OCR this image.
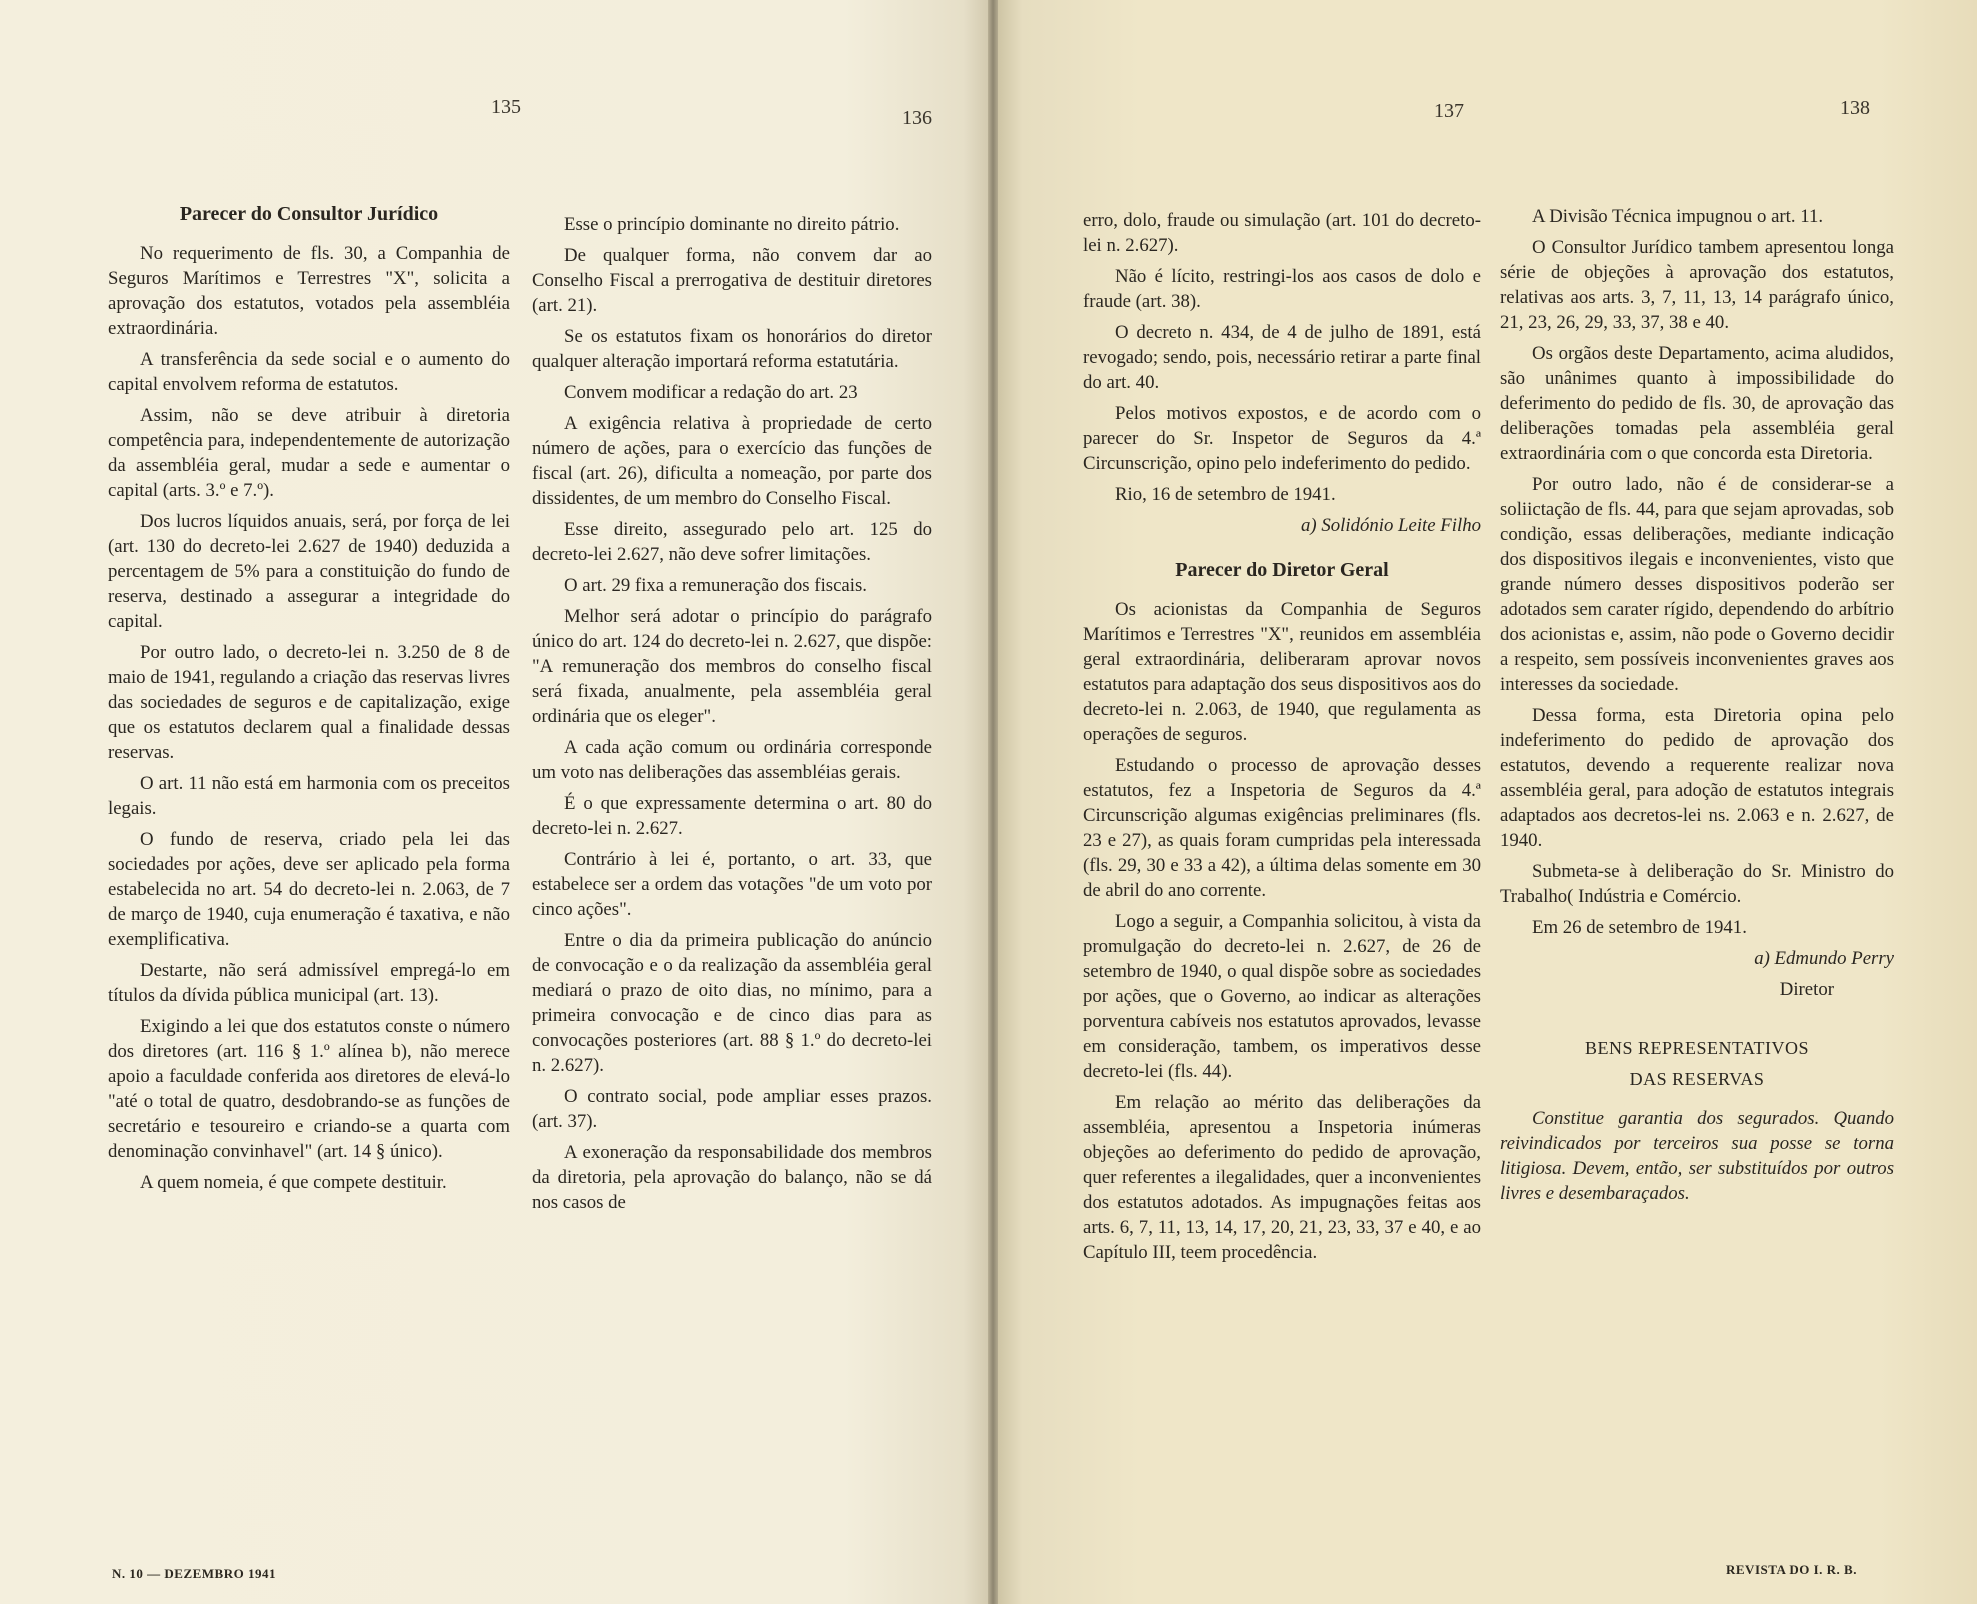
135	136	137	138
Parecer do Consultor Jurídico

No requerimento de fls. 30, a Companhia de Seguros Marítimos e Terrestres "X", solicita a aprovação dos estatutos, votados pela assembléia extraordinária.

A transferência da sede social e o aumento do capital envolvem reforma de estatutos.

Assim, não se deve atribuir à diretoria competência para, independentemente de autorização da assembléia geral, mudar a sede e aumentar o capital (arts. 3.º e 7.º).

Dos lucros líquidos anuais, será, por força de lei (art. 130 do decreto-lei 2.627 de 1940) deduzida a percentagem de 5% para a constituição do fundo de reserva, destinado a assegurar a integridade do capital.

Por outro lado, o decreto-lei n. 3.250 de 8 de maio de 1941, regulando a criação das reservas livres das sociedades de seguros e de capitalização, exige que os estatutos declarem qual a finalidade dessas reservas.

O art. 11 não está em harmonia com os preceitos legais.

O fundo de reserva, criado pela lei das sociedades por ações, deve ser aplicado pela forma estabelecida no art. 54 do decreto-lei n. 2.063, de 7 de março de 1940, cuja enumeração é taxativa, e não exemplificativa.

Destarte, não será admissível empregá-lo em títulos da dívida pública municipal (art. 13).

Exigindo a lei que dos estatutos conste o número dos diretores (art. 116 § 1.º alínea b), não merece apoio a faculdade conferida aos diretores de elevá-lo "até o total de quatro, desdobrando-se as funções de secretário e tesoureiro e criando-se a quarta com denominação convinhavel" (art. 14 § único).

A quem nomeia, é que compete destituir.

Esse o princípio dominante no direito pátrio.

De qualquer forma, não convem dar ao Conselho Fiscal a prerrogativa de destituir diretores (art. 21).

Se os estatutos fixam os honorários do diretor qualquer alteração importará reforma estatutária.

Convem modificar a redação do art. 23

A exigência relativa à propriedade de certo número de ações, para o exercício das funções de fiscal (art. 26), dificulta a nomeação, por parte dos dissidentes, de um membro do Conselho Fiscal.

Esse direito, assegurado pelo art. 125 do decreto-lei 2.627, não deve sofrer limitações.

O art. 29 fixa a remuneração dos fiscais.

Melhor será adotar o princípio do parágrafo único do art. 124 do decreto-lei n. 2.627, que dispõe: "A remuneração dos membros do conselho fiscal será fixada, anualmente, pela assembléia geral ordinária que os eleger".

A cada ação comum ou ordinária corresponde um voto nas deliberações das assembléias gerais.

É o que expressamente determina o art. 80 do decreto-lei n. 2.627.

Contrário à lei é, portanto, o art. 33, que estabelece ser a ordem das votações "de um voto por cinco ações".

Entre o dia da primeira publicação do anúncio de convocação e o da realização da assembléia geral mediará o prazo de oito dias, no mínimo, para a primeira convocação e de cinco dias para as convocações posteriores (art. 88 § 1.º do decreto-lei n. 2.627).

O contrato social, pode ampliar esses prazos. (art. 37).

A exoneração da responsabilidade dos membros da diretoria, pela aprovação do balanço, não se dá nos casos de

erro, dolo, fraude ou simulação (art. 101 do decreto-lei n. 2.627).

Não é lícito, restringi-los aos casos de dolo e fraude (art. 38).

O decreto n. 434, de 4 de julho de 1891, está revogado; sendo, pois, necessário retirar a parte final do art. 40.

Pelos motivos expostos, e de acordo com o parecer do Sr. Inspetor de Seguros da 4.ª Circunscrição, opino pelo indeferimento do pedido.

Rio, 16 de setembro de 1941.

a) Solidónio Leite Filho

Parecer do Diretor Geral

Os acionistas da Companhia de Seguros Marítimos e Terrestres "X", reunidos em assembléia geral extraordinária, deliberaram aprovar novos estatutos para adaptação dos seus dispositivos aos do decreto-lei n. 2.063, de 1940, que regulamenta as operações de seguros.

Estudando o processo de aprovação desses estatutos, fez a Inspetoria de Seguros da 4.ª Circunscrição algumas exigências preliminares (fls. 23 e 27), as quais foram cumpridas pela interessada (fls. 29, 30 e 33 a 42), a última delas somente em 30 de abril do ano corrente.

Logo a seguir, a Companhia solicitou, à vista da promulgação do decreto-lei n. 2.627, de 26 de setembro de 1940, o qual dispõe sobre as sociedades por ações, que o Governo, ao indicar as alterações porventura cabíveis nos estatutos aprovados, levasse em consideração, tambem, os imperativos desse decreto-lei (fls. 44).

Em relação ao mérito das deliberações da assembléia, apresentou a Inspetoria inúmeras objeções ao deferimento do pedido de aprovação, quer referentes a ilegalidades, quer a inconvenientes dos estatutos adotados. As impugnações feitas aos arts. 6, 7, 11, 13, 14, 17, 20, 21, 23, 33, 37 e 40, e ao Capítulo III, teem procedência.

A Divisão Técnica impugnou o art. 11.

O Consultor Jurídico tambem apresentou longa série de objeções à aprovação dos estatutos, relativas aos arts. 3, 7, 11, 13, 14 parágrafo único, 21, 23, 26, 29, 33, 37, 38 e 40.

Os orgãos deste Departamento, acima aludidos, são unânimes quanto à impossibilidade do deferimento do pedido de fls. 30, de aprovação das deliberações tomadas pela assembléia geral extraordinária com o que concorda esta Diretoria.

Por outro lado, não é de considerar-se a soliictação de fls. 44, para que sejam aprovadas, sob condição, essas deliberações, mediante indicação dos dispositivos ilegais e inconvenientes, visto que grande número desses dispositivos poderão ser adotados sem carater rígido, dependendo do arbítrio dos acionistas e, assim, não pode o Governo decidir a respeito, sem possíveis inconvenientes graves aos interesses da sociedade.

Dessa forma, esta Diretoria opina pelo indeferimento do pedido de aprovação dos estatutos, devendo a requerente realizar nova assembléia geral, para adoção de estatutos integrais adaptados aos decretos-lei ns. 2.063 e n. 2.627, de 1940.

Submeta-se à deliberação do Sr. Ministro do Trabalho( Indústria e Comércio.

Em 26 de setembro de 1941.

a) Edmundo Perry

Diretor

BENS REPRESENTATIVOS

DAS RESERVAS

Constitue garantia dos segurados. Quando reivindicados por terceiros sua posse se torna litigiosa. Devem, então, ser substituídos por outros livres e desembaraçados.

N. 10 — DEZEMBRO 1941	REVISTA DO I. R. B.
